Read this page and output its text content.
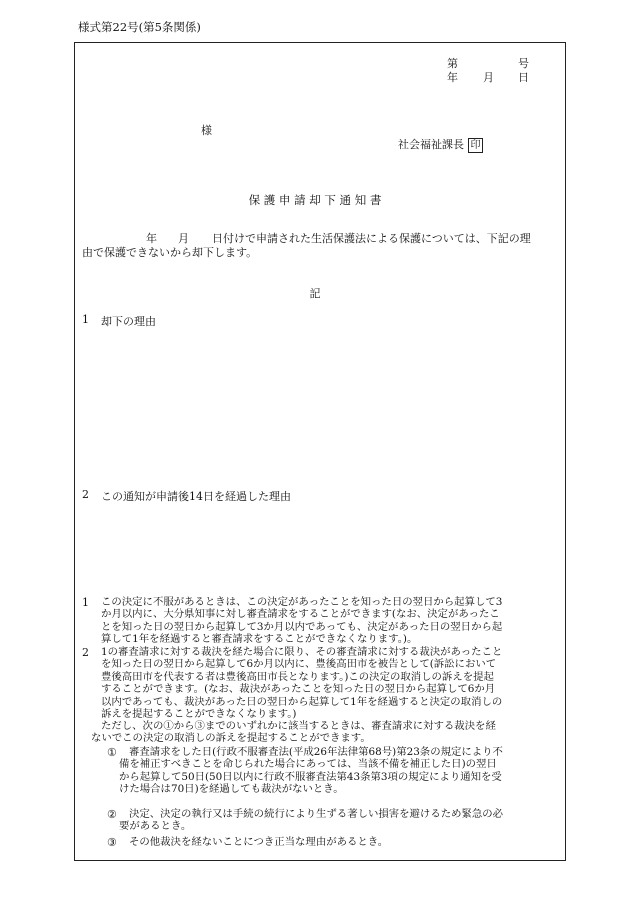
様式第22号(第5条関係)
第	号
年 月 日
様
社会福祉課長 印
保 護 申 請 却 下 通 知 書
年 月 日付けで申請された生活保護法による保護については、下記の理
由で保護できないから却下します。
記
1 却下の理由
2 この通知が申請後14日を経過した理由
1 この決定に不服があるときは、この決定があったことを知った日の翌日から起算して3
か月以内に、大分県知事に対し審査請求をすることができます(なお、決定があったこ
とを知った日の翌日から起算して3か月以内であっても、決定があった日の翌日から起
算して1年を経過すると審査請求をすることができなくなります。)。
2 1の審査請求に対する裁決を経た場合に限り、その審査請求に対する裁決があったこと
を知った日の翌日から起算して6か月以内に、豊後高田市を被告として(訴訟において
豊後高田市を代表する者は豊後高田市長となります。)この決定の取消しの訴えを提起
することができます。(なお、裁決があったことを知った日の翌日から起算して6か月
以内であっても、裁決があった日の翌日から起算して1年を経過すると決定の取消しの
訴えを提起することができなくなります。)
ただし、次の①から③までのいずれかに該当するときは、審査請求に対する裁決を経
ないでこの決定の取消しの訴えを提起することができます。
① 審査請求をした日(行政不服審査法(平成26年法律第68号)第23条の規定により不
備を補正すべきことを命じられた場合にあっては、当該不備を補正した日)の翌日
から起算して50日(50日以内に行政不服審査法第43条第3項の規定により通知を受
けた場合は70日)を経過しても裁決がないとき。
② 決定、決定の執行又は手続の続行により生ずる著しい損害を避けるため緊急の必
要があるとき。
③ その他裁決を経ないことにつき正当な理由があるとき。
